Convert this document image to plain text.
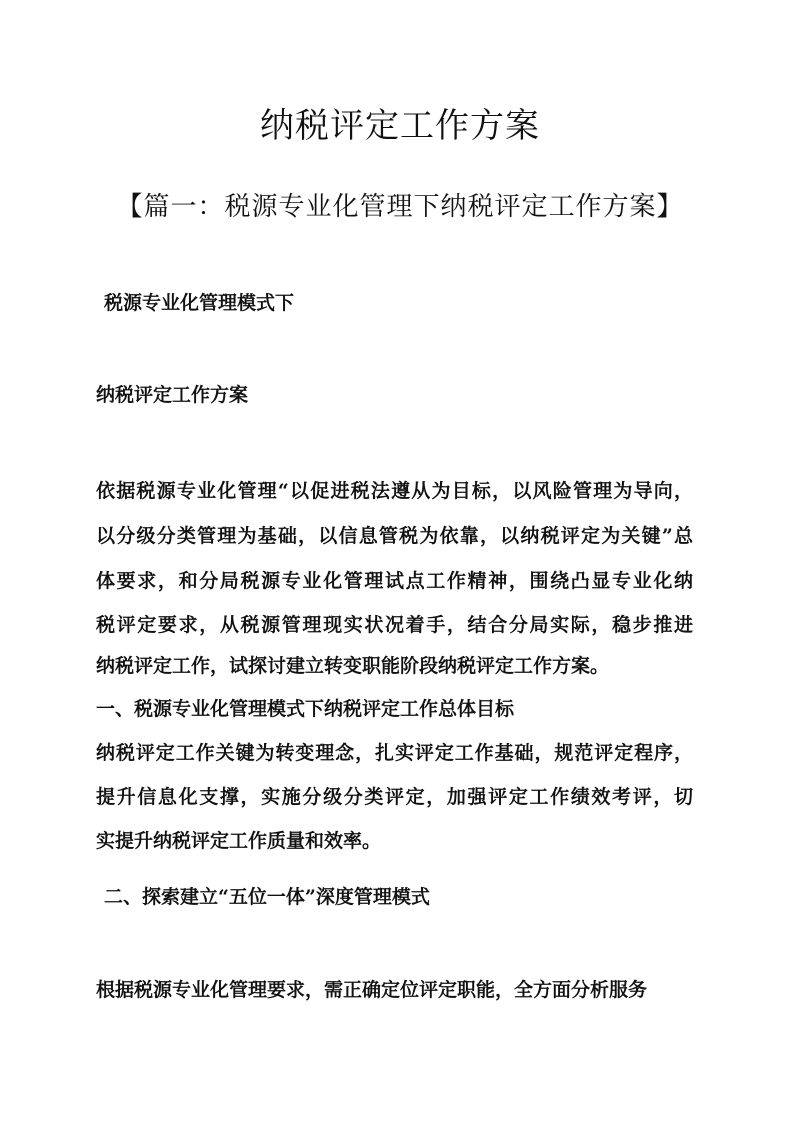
纳税评定工作方案
【篇一：税源专业化管理下纳税评定工作方案】
税源专业化管理模式下
纳税评定工作方案
依据税源专业化管理“以促进税法遵从为目标，以风险管理为导向，
以分级分类管理为基础，以信息管税为依靠，以纳税评定为关键”总
体要求，和分局税源专业化管理试点工作精神，围绕凸显专业化纳
税评定要求，从税源管理现实状况着手，结合分局实际，稳步推进
纳税评定工作，试探讨建立转变职能阶段纳税评定工作方案。
一、税源专业化管理模式下纳税评定工作总体目标
纳税评定工作关键为转变理念，扎实评定工作基础，规范评定程序，
提升信息化支撑，实施分级分类评定，加强评定工作绩效考评，切
实提升纳税评定工作质量和效率。
二、探索建立“五位一体”深度管理模式
根据税源专业化管理要求，需正确定位评定职能，全方面分析服务
